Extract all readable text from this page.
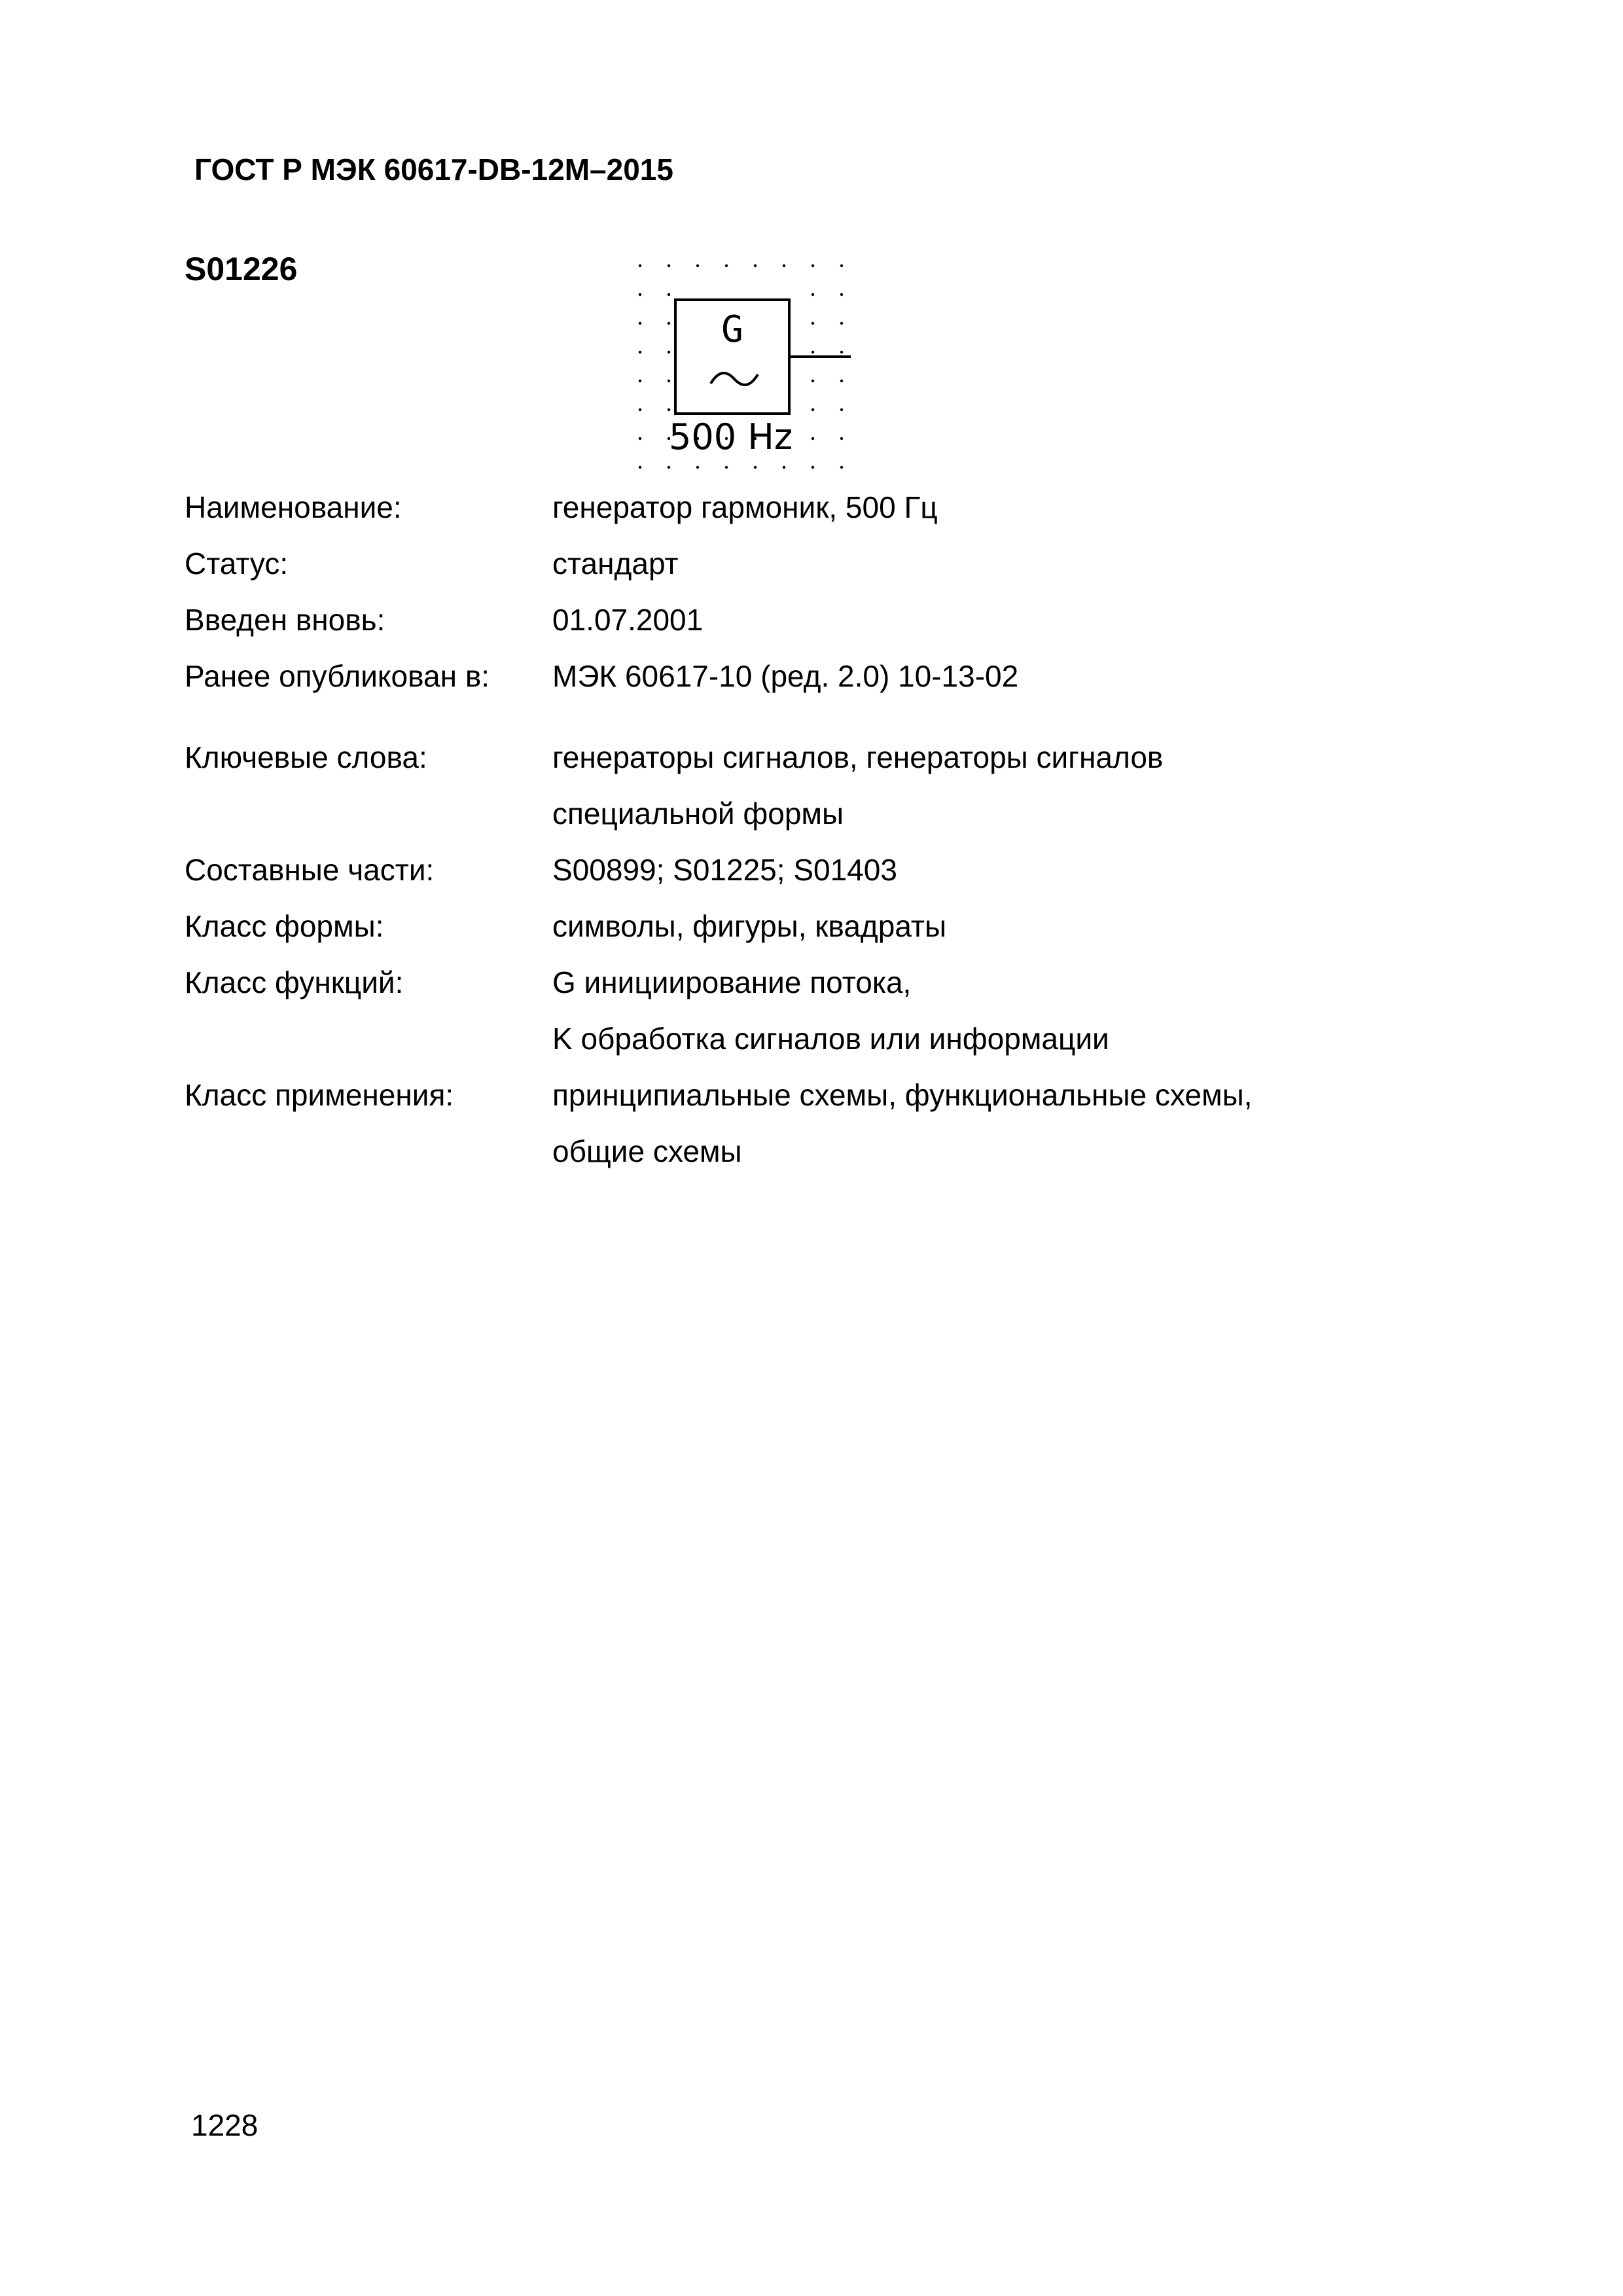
ГОСТ Р МЭК 60617-DB-12M–2015
S01226
G
500 Hz
Наименование:	генератор гармоник, 500 Гц
Статус:	стандарт
Введен вновь:	01.07.2001
Ранее опубликован в:	МЭК 60617-10 (ред. 2.0) 10-13-02
Ключевые слова:	генераторы сигналов, генераторы сигналов
специальной формы
Составные части:	S00899; S01225; S01403
Класс формы:	символы, фигуры, квадраты
Класс функций:	G инициирование потока,
K обработка сигналов или информации
Класс применения:	принципиальные схемы, функциональные схемы,
общие схемы
1228
